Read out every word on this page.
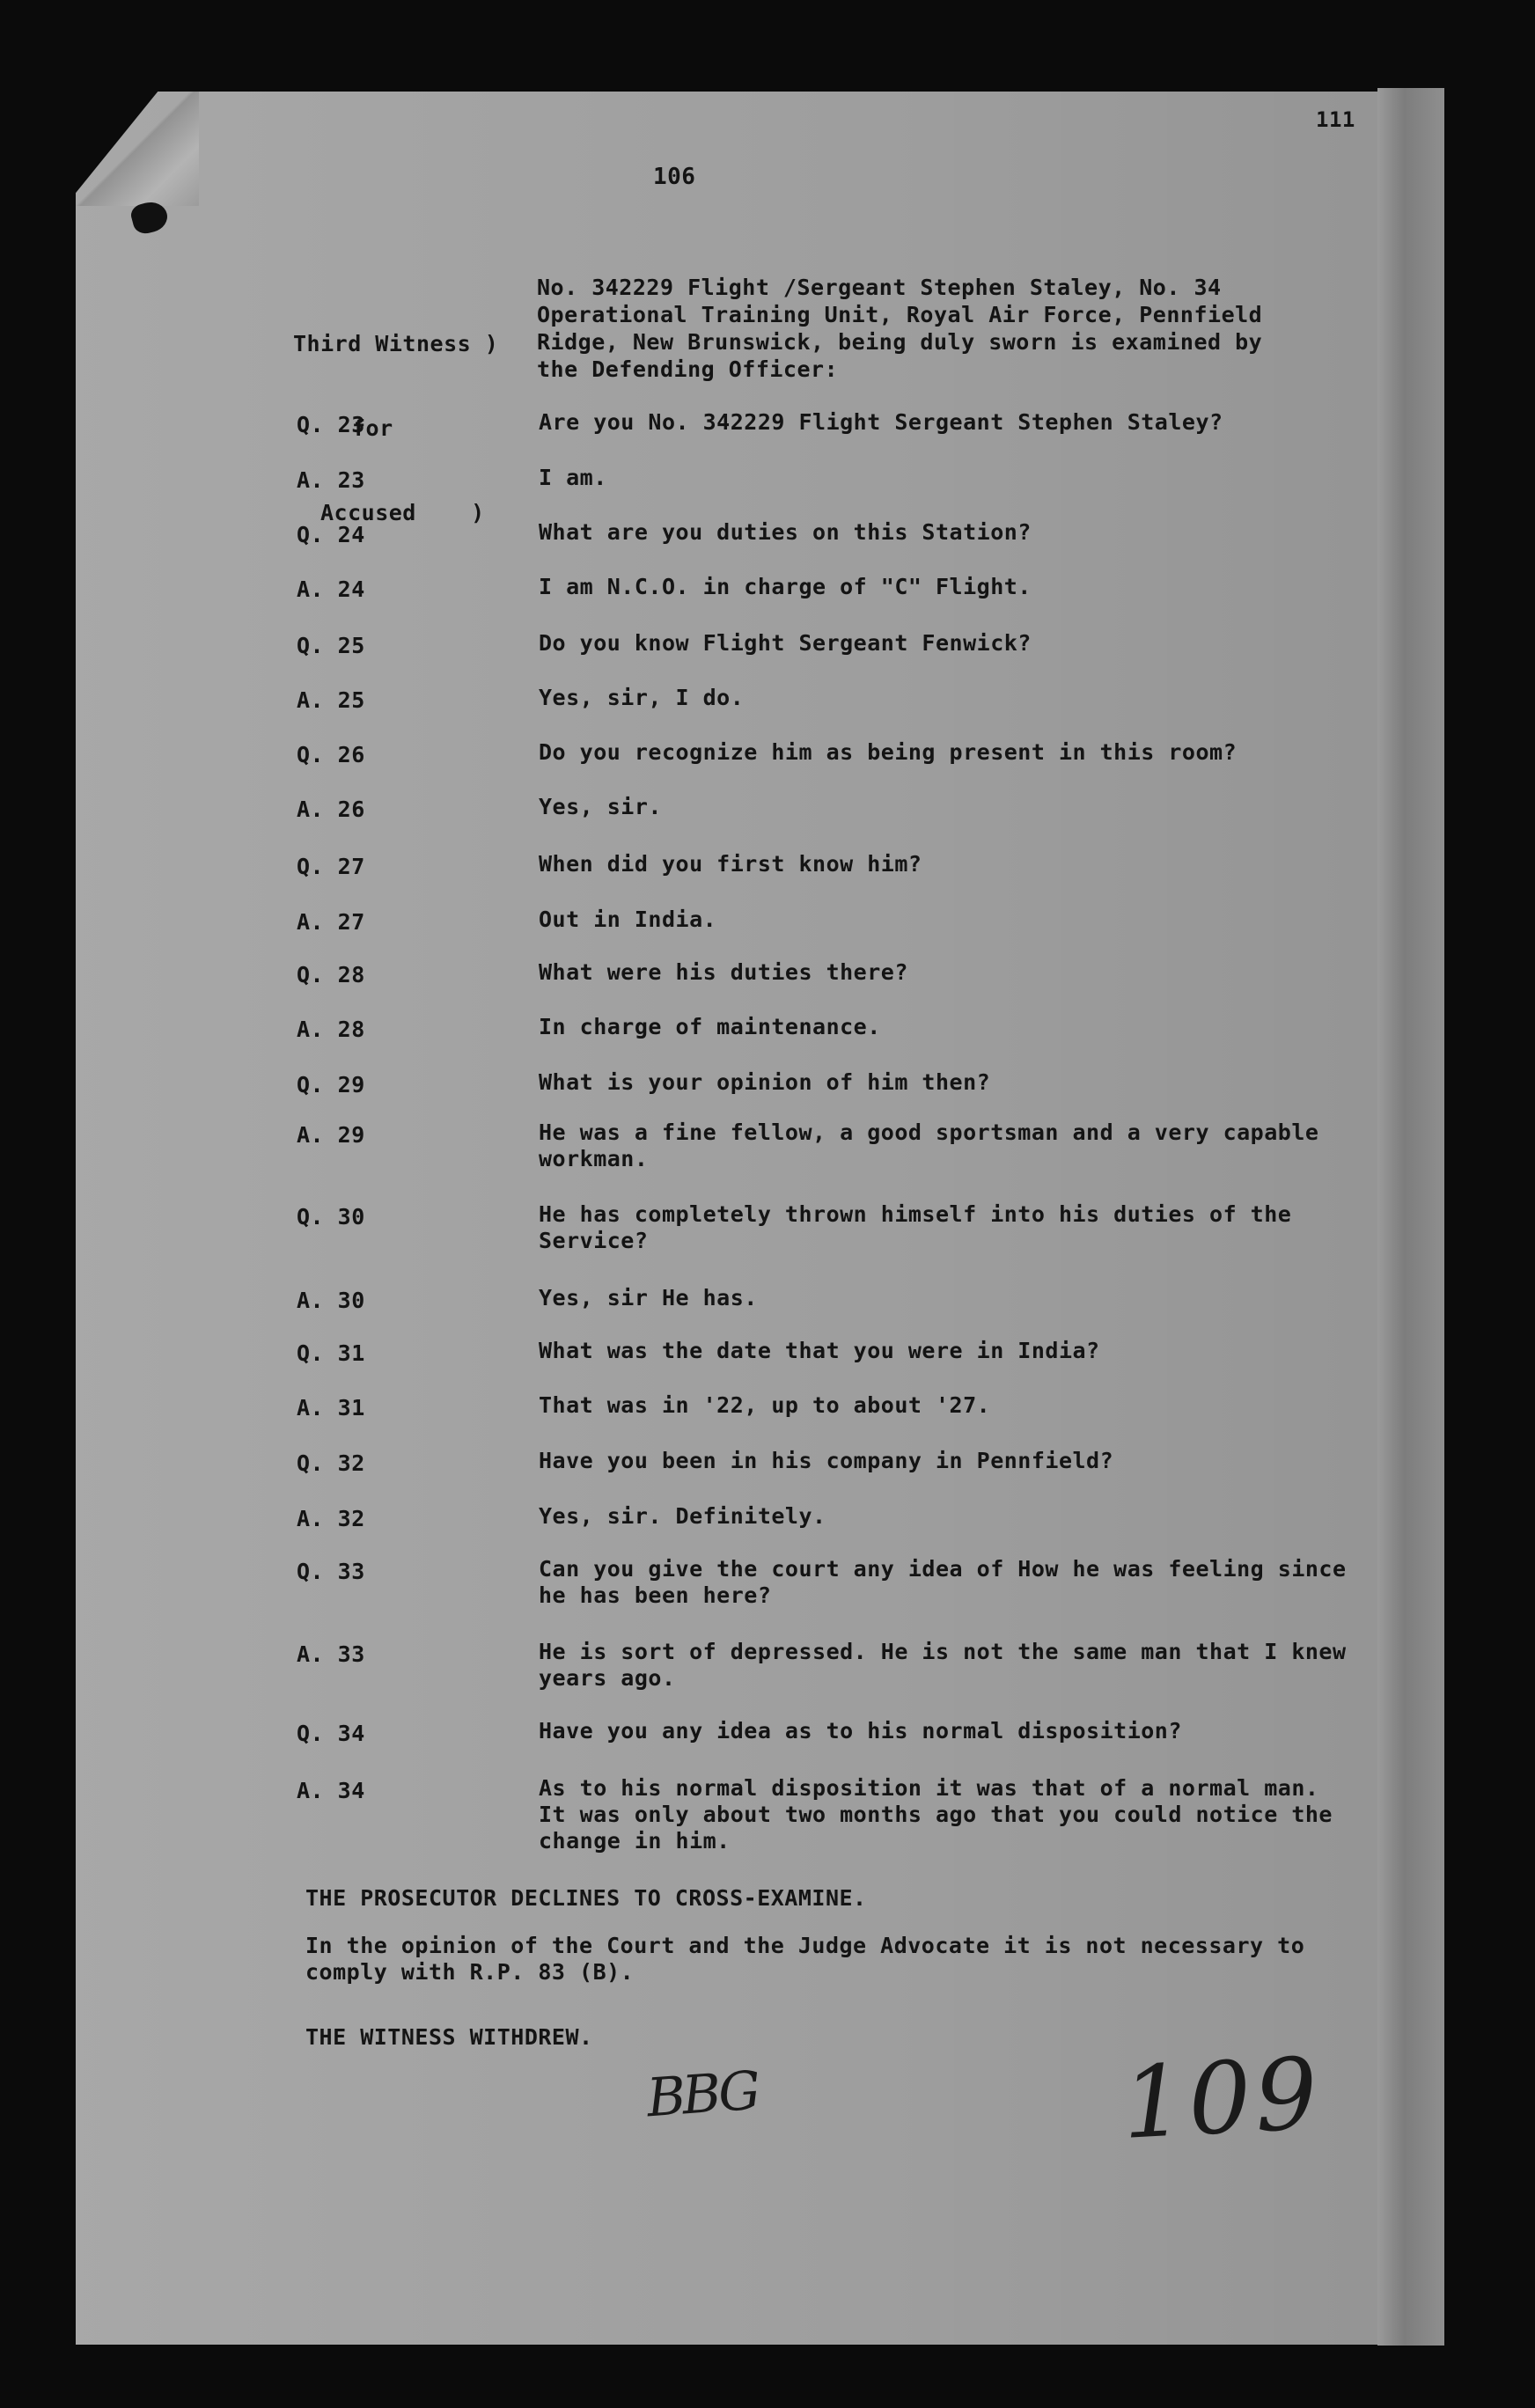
106
111

Third Witness )

for

Accused    )

No. 342229 Flight /Sergeant Stephen Staley, No. 34 Operational Training Unit, Royal Air Force, Pennfield Ridge, New Brunswick, being duly sworn is examined by the Defending Officer:
Q. 23	Are you No. 342229 Flight Sergeant Stephen Staley?
A. 23	I am.
Q. 24	What are you duties on this Station?
A. 24	I am N.C.O. in charge of "C" Flight.
Q. 25	Do you know Flight Sergeant Fenwick?
A. 25	Yes, sir, I do.
Q. 26	Do you recognize him as being present in this room?
A. 26	Yes, sir.
Q. 27	When did you first know him?
A. 27	Out in India.
Q. 28	What were his duties there?
A. 28	In charge of maintenance.
Q. 29	What is your opinion of him then?
A. 29	He was a fine fellow, a good sportsman and a very capable workman.
Q. 30	He has completely thrown himself into his duties of the Service?
A. 30	Yes, sir He has.
Q. 31	What was the date that you were in India?
A. 31	That was in '22, up to about '27.
Q. 32	Have you been in his company in Pennfield?
A. 32	Yes, sir. Definitely.
Q. 33	Can you give the court any idea of How he was feeling since he has been here?
A. 33	He is sort of depressed. He is not the same man that I knew years ago.
Q. 34	Have you any idea as to his normal disposition?
A. 34	As to his normal disposition it was that of a normal man. It was only about two months ago that you could notice the change in him.
THE PROSECUTOR DECLINES TO CROSS-EXAMINE.
In the opinion of the Court and the Judge Advocate it is not necessary to comply with R.P. 83 (B).
THE WITNESS WITHDREW.
BBG	109
